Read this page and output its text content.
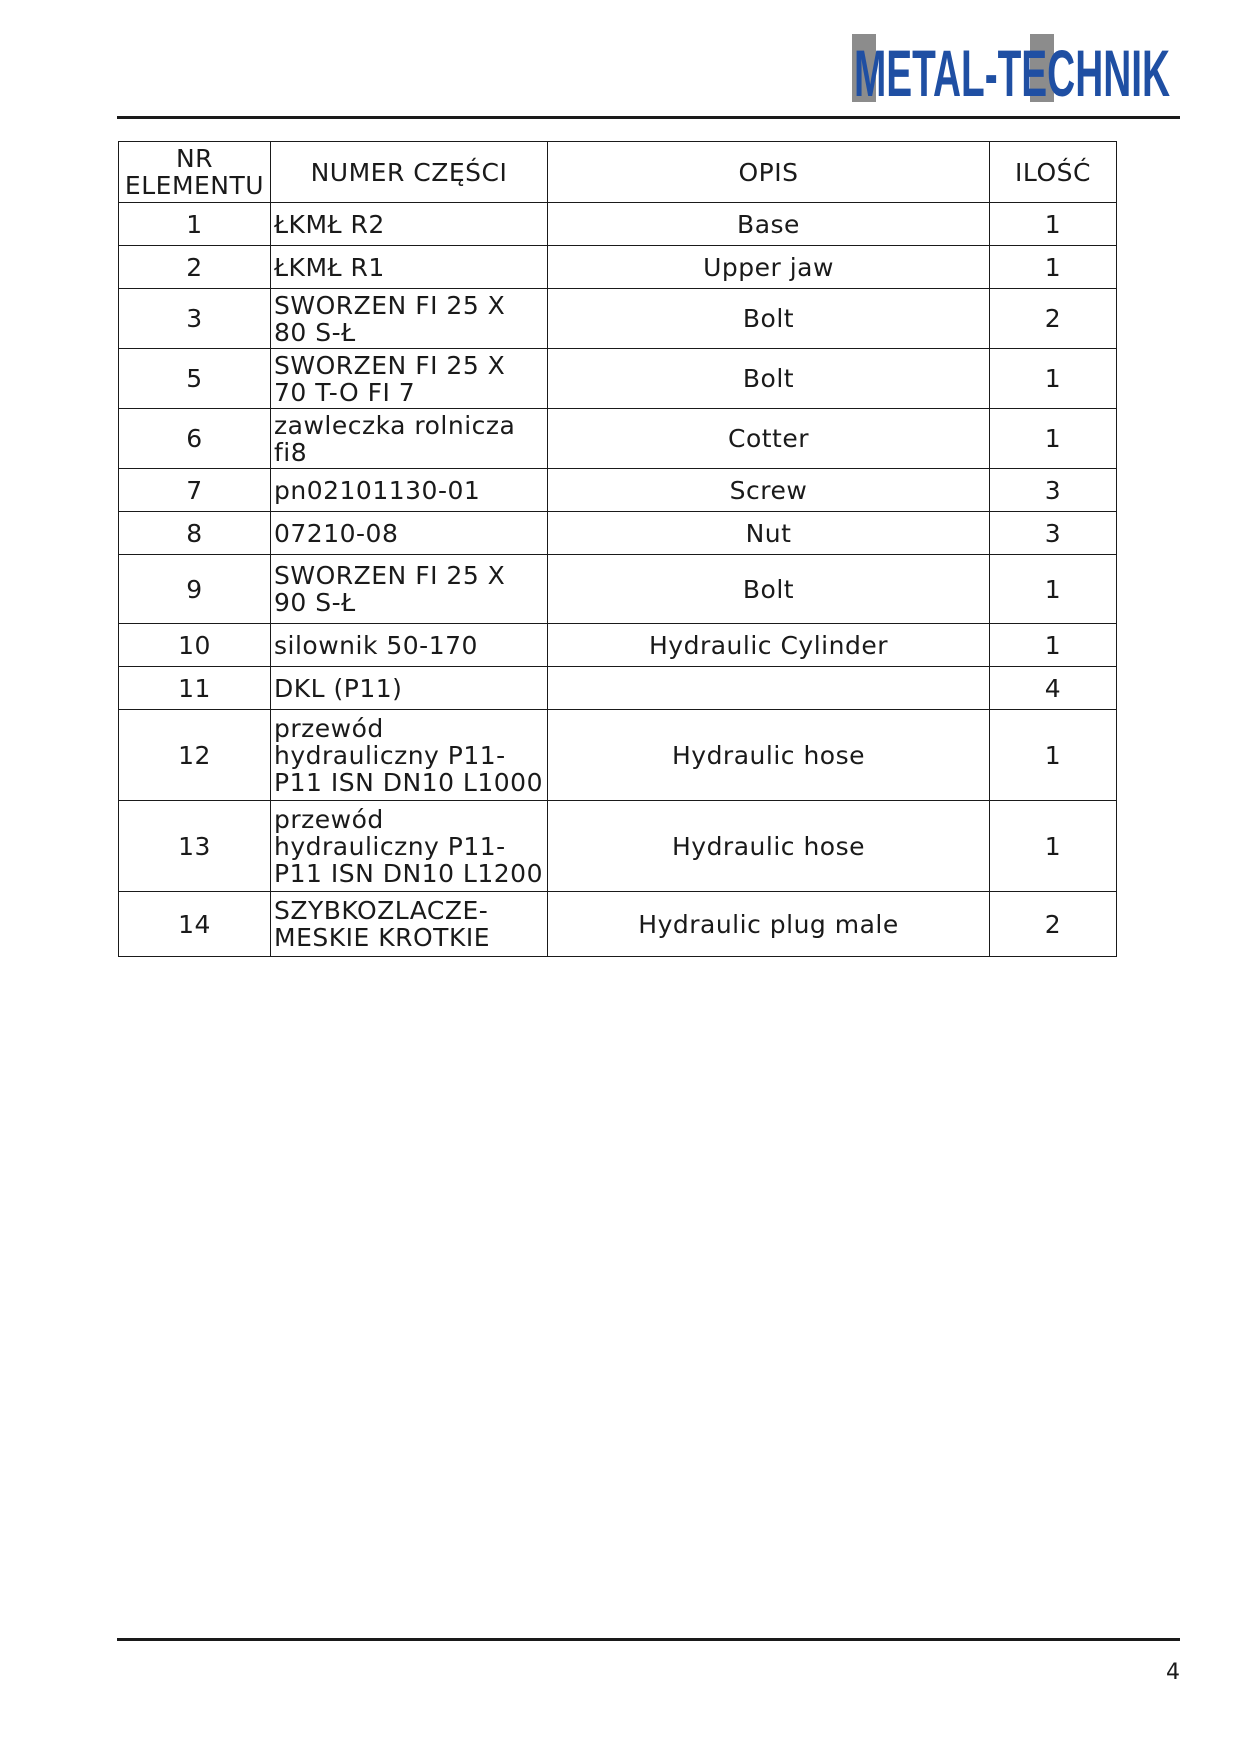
METAL-TECHNIK
NR ELEMENTU	NUMER CZĘŚCI	OPIS	ILOŚĆ
1	ŁKMŁ R2	Base	1
2	ŁKMŁ R1	Upper jaw	1
3	SWORZEN FI 25 X 80 S-Ł	Bolt	2
5	SWORZEN FI 25 X 70 T-O FI 7	Bolt	1
6	zawleczka rolnicza fi8	Cotter	1
7	pn02101130-01	Screw	3
8	07210-08	Nut	3
9	SWORZEN FI 25 X 90 S-Ł	Bolt	1
10	silownik 50-170	Hydraulic Cylinder	1
11	DKL (P11)		4
12	przewód hydrauliczny P11-P11 ISN DN10 L1000	Hydraulic hose	1
13	przewód hydrauliczny P11-P11 ISN DN10 L1200	Hydraulic hose	1
14	SZYBKOZLACZE-MESKIE KROTKIE	Hydraulic plug male	2
4
